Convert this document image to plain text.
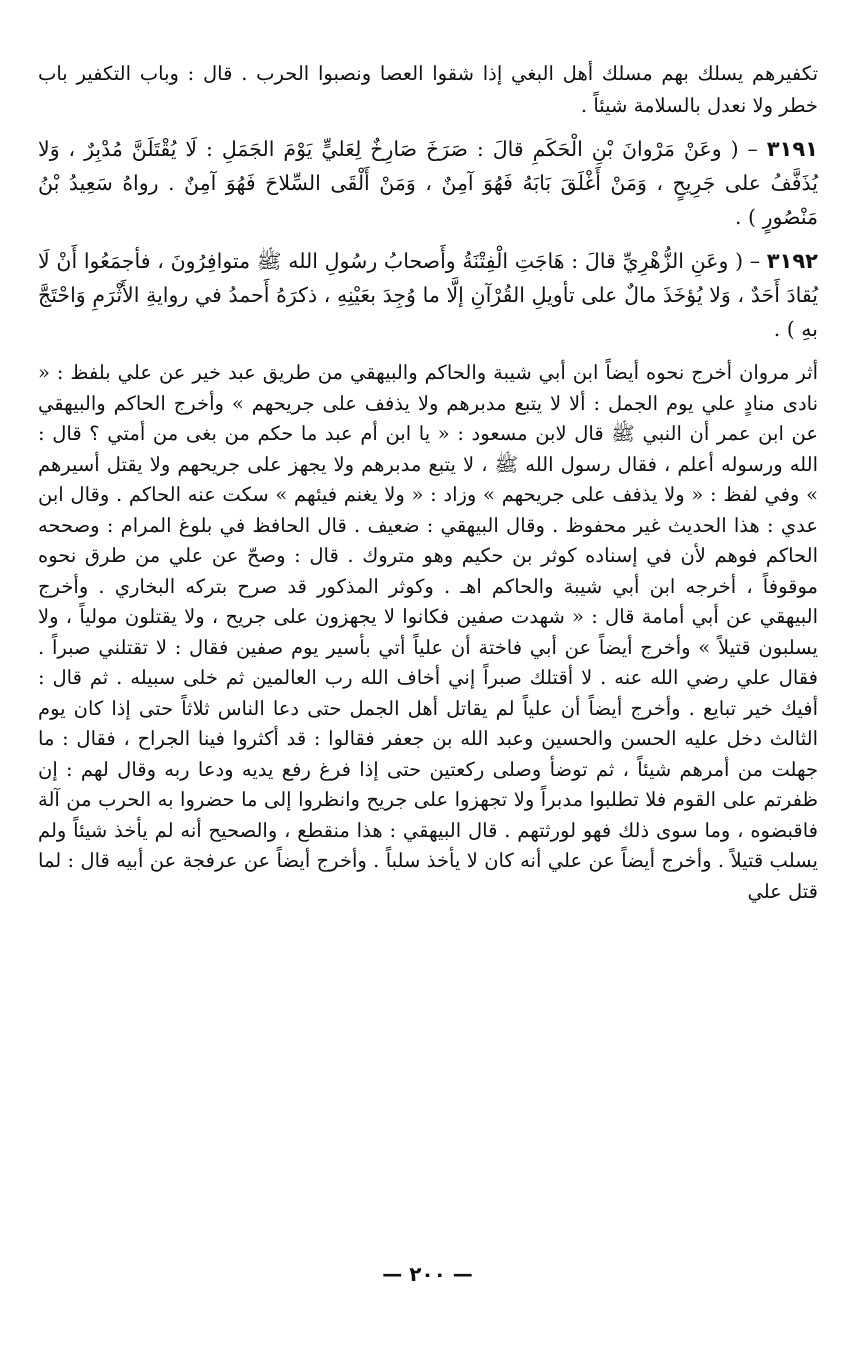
تكفيرهم يسلك بهم مسلك أهل البغي إذا شقوا العصا ونصبوا الحرب . قال : وباب التكفير باب خطر ولا نعدل بالسلامة شيئاً .

٣١٩١ – ( وعَنْ مَرْوانَ بْنِ الْحَكَمِ قالَ : صَرَخَ صَارِخٌ لِعَليٍّ يَوْمَ الجَمَلِ : لَا يُقْتَلَنَّ مُدْبِرٌ ، وَلا يُذَفَّفُ على جَرِيحٍ ، وَمَنْ أَغْلَقَ بَابَهُ فَهُوَ آمِنٌ ، وَمَنْ أَلْقَى السِّلاحَ فَهُوَ آمِنٌ . رواهُ سَعِيدُ بْنُ مَنْصُورٍ ) .

٣١٩٢ – ( وعَنِ الزُّهْرِيِّ قالَ : هَاجَتِ الْفِتْنَةُ وأَصحابُ رسُولِ الله ﷺ متوافِرُونَ ، فأجمَعُوا أَنْ لَا يُقادَ أَحَدٌ ، وَلا يُؤخَذَ مالٌ على تأويلِ القُرْآنِ إلَّا ما وُجِدَ بعَيْنِهِ ، ذكرَهُ أَحمدُ في روايةِ الأَثْرَمِ وَاحْتَجَّ بهِ ) .

أثر مروان أخرج نحوه أيضاً ابن أبي شيبة والحاكم والبيهقي من طريق عبد خير عن علي بلفظ : « نادى منادٍ علي يوم الجمل : ألا لا يتبع مدبرهم ولا يذفف على جريحهم » وأخرج الحاكم والبيهقي عن ابن عمر أن النبي ﷺ قال لابن مسعود : « يا ابن أم عبد ما حكم من بغى من أمتي ؟ قال : الله ورسوله أعلم ، فقال رسول الله ﷺ ، لا يتبع مدبرهم ولا يجهز على جريحهم ولا يقتل أسيرهم » وفي لفظ : « ولا يذفف على جريحهم » وزاد : « ولا يغنم فيئهم » سكت عنه الحاكم . وقال ابن عدي : هذا الحديث غير محفوظ . وقال البيهقي : ضعيف . قال الحافظ في بلوغ المرام : وصححه الحاكم فوهم لأن في إسناده كوثر بن حكيم وهو متروك . قال : وصحّ عن علي من طرق نحوه موقوفاً ، أخرجه ابن أبي شيبة والحاكم اهـ . وكوثر المذكور قد صرح بتركه البخاري . وأخرج البيهقي عن أبي أمامة قال : « شهدت صفين فكانوا لا يجهزون على جريح ، ولا يقتلون مولياً ، ولا يسلبون قتيلاً » وأخرج أيضاً عن أبي فاختة أن علياً أتي بأسير يوم صفين فقال : لا تقتلني صبراً . فقال علي رضي الله عنه . لا أقتلك صبراً إني أخاف الله رب العالمين ثم خلى سبيله . ثم قال : أفيك خير تبايع . وأخرج أيضاً أن علياً لم يقاتل أهل الجمل حتى دعا الناس ثلاثاً حتى إذا كان يوم الثالث دخل عليه الحسن والحسين وعبد الله بن جعفر فقالوا : قد أكثروا فينا الجراح ، فقال : ما جهلت من أمرهم شيئاً ، ثم توضأ وصلى ركعتين حتى إذا فرغ رفع يديه ودعا ربه وقال لهم : إن ظفرتم على القوم فلا تطلبوا مدبراً ولا تجهزوا على جريح وانظروا إلى ما حضروا به الحرب من آلة فاقبضوه ، وما سوى ذلك فهو لورثتهم . قال البيهقي : هذا منقطع ، والصحيح أنه لم يأخذ شيئاً ولم يسلب قتيلاً . وأخرج أيضاً عن علي أنه كان لا يأخذ سلباً . وأخرج أيضاً عن عرفجة عن أبيه قال : لما قتل علي

— ٢٠٠ —
